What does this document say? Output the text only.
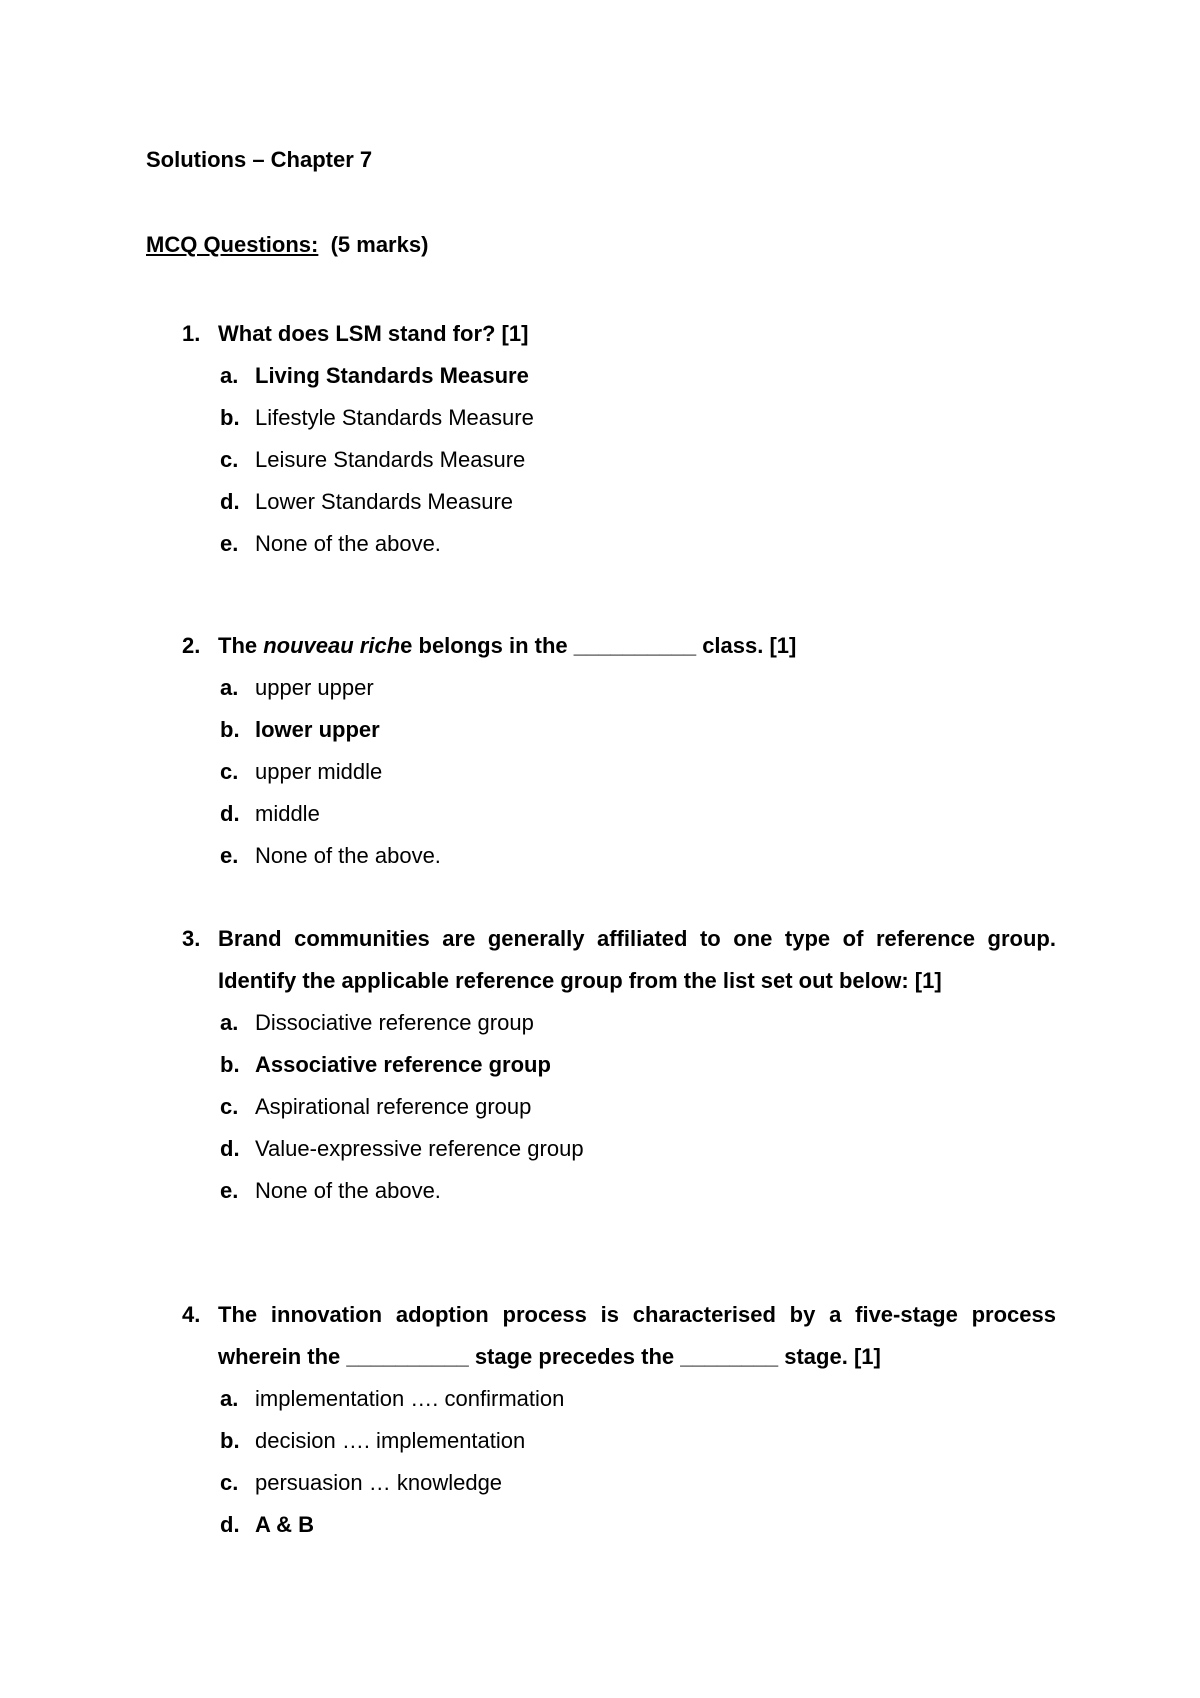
Solutions – Chapter 7
MCQ Questions: (5 marks)
1. What does LSM stand for? [1]
a. Living Standards Measure
b. Lifestyle Standards Measure
c. Leisure Standards Measure
d. Lower Standards Measure
e. None of the above.
2. The nouveau riche belongs in the __________ class. [1]
a. upper upper
b. lower upper
c. upper middle
d. middle
e. None of the above.
3. Brand communities are generally affiliated to one type of reference group. Identify the applicable reference group from the list set out below: [1]
a. Dissociative reference group
b. Associative reference group
c. Aspirational reference group
d. Value-expressive reference group
e. None of the above.
4. The innovation adoption process is characterised by a five-stage process wherein the __________ stage precedes the ________ stage. [1]
a. implementation …. confirmation
b. decision …. implementation
c. persuasion … knowledge
d. A & B
